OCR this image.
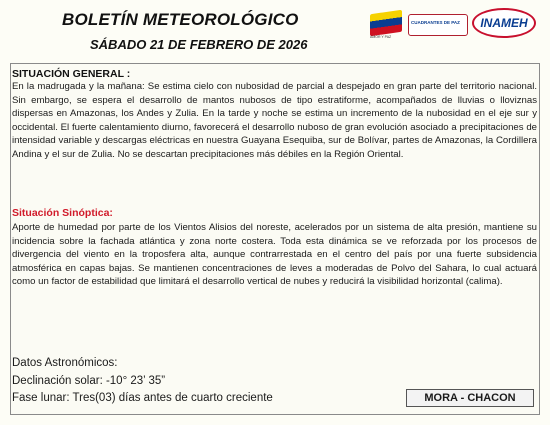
BOLETÍN METEOROLÓGICO
SÁBADO 21 DE FEBRERO DE 2026	AMOR Y PAZ
CUADRANTES DE PAZ	INAMEH
SITUACIÓN GENERAL :
En la madrugada y la mañana: Se estima cielo con nubosidad de parcial a despejado en gran parte del territorio nacional. Sin embargo, se espera el desarrollo de mantos nubosos de tipo estratiforme, acompañados de lluvias o lloviznas dispersas en Amazonas, los Andes y Zulia. En la tarde y noche se estima un incremento de la nubosidad en el eje sur y occidental. El fuerte calentamiento diurno, favorecerá el desarrollo nuboso de gran evolución asociado a precipitaciones de intensidad variable y descargas eléctricas en nuestra Guayana Esequiba, sur de Bolívar, partes de Amazonas, la Cordillera Andina y el sur de Zulia. No se descartan precipitaciones más débiles en la Región Oriental.
Situación Sinóptica:
Aporte de humedad por parte de los Vientos Alisios del noreste, acelerados por un sistema de alta presión, mantiene su incidencia sobre la fachada atlántica y zona norte costera. Toda esta dinámica se ve reforzada por los procesos de divergencia del viento en la troposfera alta, aunque contrarrestada en el centro del país por una fuerte subsidencia atmosférica en capas bajas. Se mantienen concentraciones de leves a moderadas de Polvo del Sahara, lo cual actuará como un factor de estabilidad que limitará el desarrollo vertical de nubes y reducirá la visibilidad horizontal (calima).
Datos Astronómicos:
Declinación solar: -10° 23’ 35”
Fase lunar: Tres(03) días antes de cuarto creciente	MORA - CHACON
